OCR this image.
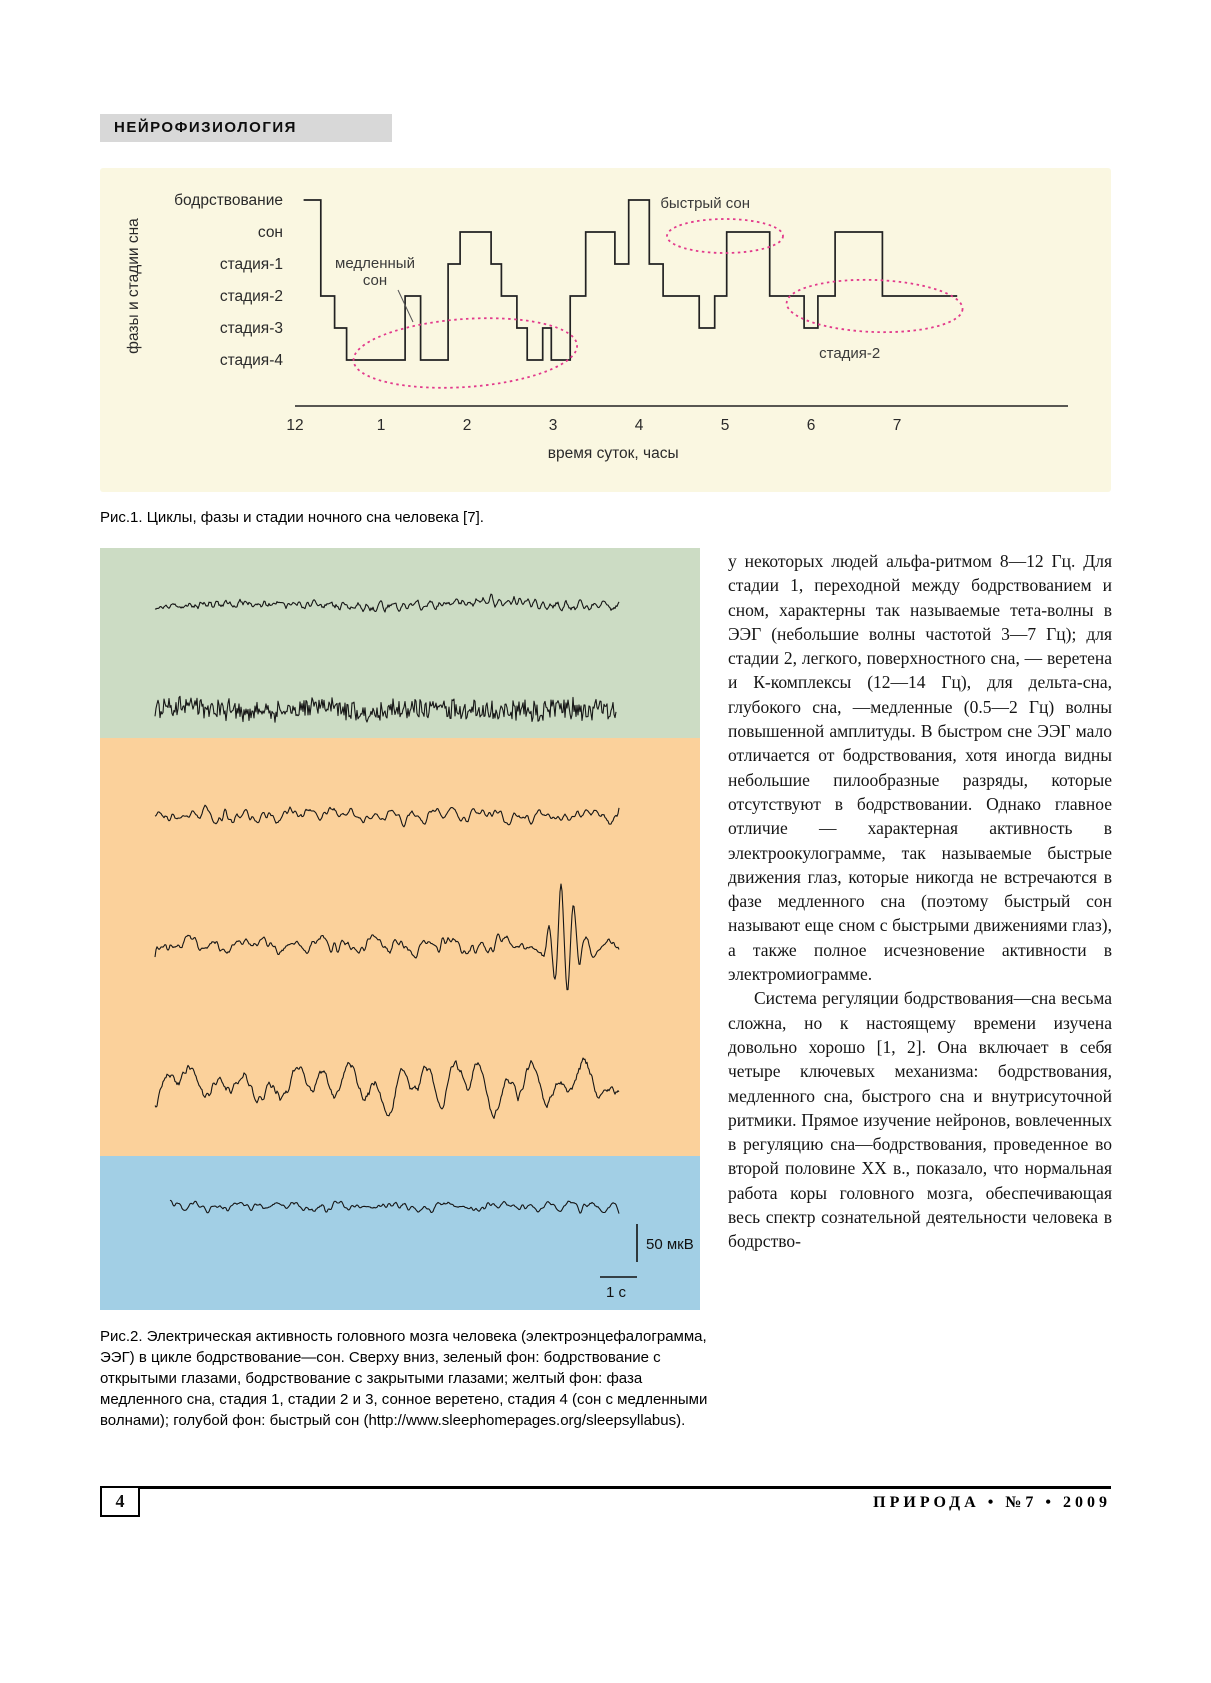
НЕЙРОФИЗИОЛОГИЯ
бодрствование
сон
стадия-1
стадия-2
стадия-3
стадия-4
фазы и стадии сна
12	1	2	3	4	5	6	7
время суток, часы
медленный сон
быстрый сон
стадия-2
Рис.1. Циклы, фазы и стадии ночного сна человека [7].
50 мкВ
1 с
Рис.2. Электрическая активность головного мозга человека (электроэнцефалограмма, ЭЭГ) в цикле бодрствование—сон. Сверху вниз, зеленый фон: бодрствование с открытыми глазами, бодрствование с закрытыми глазами; желтый фон: фаза медленного сна, стадия 1, стадии 2 и 3, сонное веретено, стадия 4 (сон с медленными волнами); голубой фон: быстрый сон (http://www.sleephomepages.org/sleepsyllabus).

у некоторых людей альфа-ритмом 8—12 Гц. Для стадии 1, переходной между бодрствованием и сном, характерны так называемые тета-волны в ЭЭГ (небольшие волны частотой 3—7 Гц); для стадии 2, легкого, поверхностного сна, — веретена и К-комплексы (12—14 Гц), для дельта-сна, глубокого сна, —медленные (0.5—2 Гц) волны повышенной амплитуды. В быстром сне ЭЭГ мало отличается от бодрствования, хотя иногда видны небольшие пилообразные разряды, которые отсутствуют в бодрствовании. Однако главное отличие — характерная активность в электроокулограмме, так называемые быстрые движения глаз, которые никогда не встречаются в фазе медленного сна (поэтому быстрый сон называют еще сном с быстрыми движениями глаз), а также полное исчезновение активности в электромиограмме.

Система регуляции бодрствования—сна весьма сложна, но к настоящему времени изучена довольно хорошо [1, 2]. Она включает в себя четыре ключевых механизма: бодрствования, медленного сна, быстрого сна и внутрисуточной ритмики. Прямое изучение нейронов, вовлеченных в регуляцию сна—бодрствования, проведенное во второй половине XX в., показало, что нормальная работа коры головного мозга, обеспечивающая весь спектр сознательной деятельности человека в бодрство-

4	ПРИРОДА • №7 • 2009
